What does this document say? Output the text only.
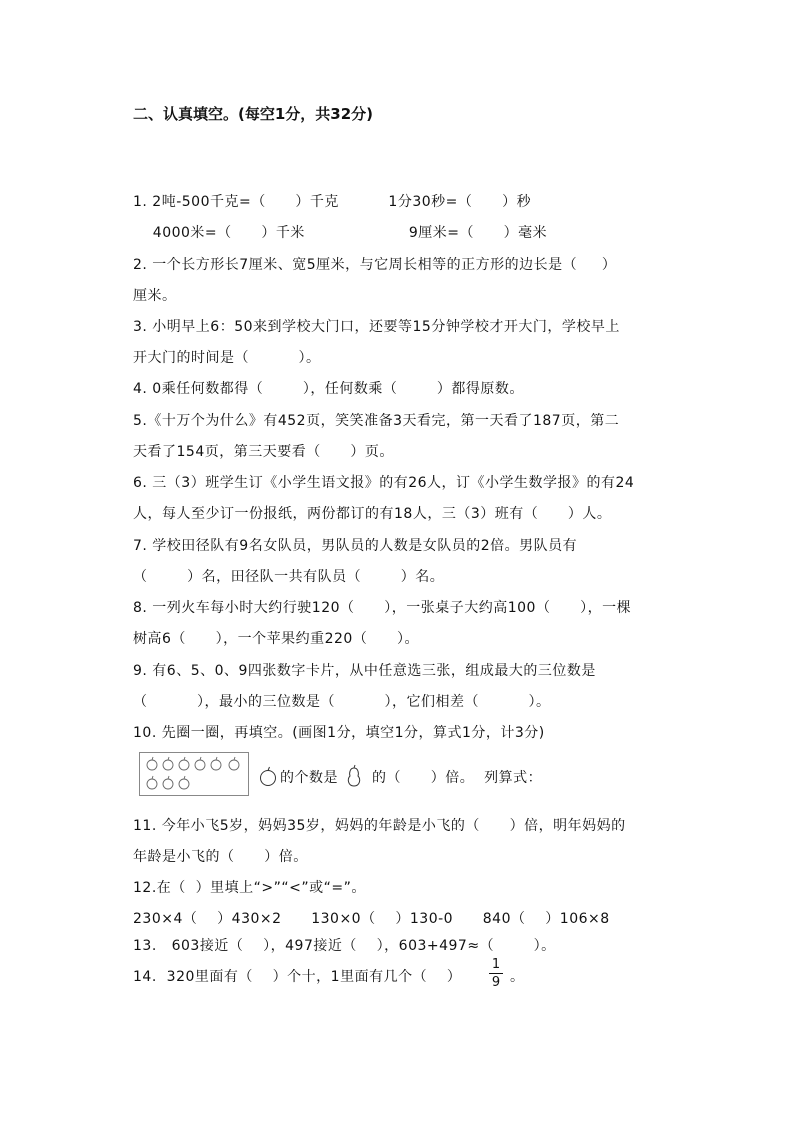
二、认真填空。(每空1分，共32分)
1. 2吨-500千克=（      ）千克          1分30秒=（      ）秒
4000米=（      ）千米                     9厘米=（      ）毫米
2. 一个长方形长7厘米、宽5厘米，与它周长相等的正方形的边长是（     ）
厘米。
3. 小明早上6：50来到学校大门口，还要等15分钟学校才开大门，学校早上
开大门的时间是（          ）。
4. 0乘任何数都得（        ），任何数乘（        ）都得原数。
5.《十万个为什么》有452页，笑笑准备3天看完，第一天看了187页，第二
天看了154页，第三天要看（      ）页。
6. 三（3）班学生订《小学生语文报》的有26人，订《小学生数学报》的有24
人，每人至少订一份报纸，两份都订的有18人，三（3）班有（      ）人。
7. 学校田径队有9名女队员，男队员的人数是女队员的2倍。男队员有
（        ）名，田径队一共有队员（        ）名。
8. 一列火车每小时大约行驶120（      ），一张桌子大约高100（      ），一棵
树高6（      ），一个苹果约重220（      ）。
9. 有6、5、0、9四张数字卡片，从中任意选三张，组成最大的三位数是
（          ），最小的三位数是（          ），它们相差（          ）。
10. 先圈一圈，再填空。(画图1分，填空1分，算式1分，计3分)
的个数是 的（      ）倍。  列算式：
11. 今年小飞5岁，妈妈35岁，妈妈的年龄是小飞的（      ）倍，明年妈妈的
年龄是小飞的（      ）倍。
12.在（  ）里填上“>”“<”或“=”。
230×4（    ）430×2      130×0（    ）130-0      840（    ）106×8
13.   603接近（    ），497接近（    ），603+497≈（        ）。
14.  320里面有（    ）个十，1里面有几个（    ）
1
9 。
